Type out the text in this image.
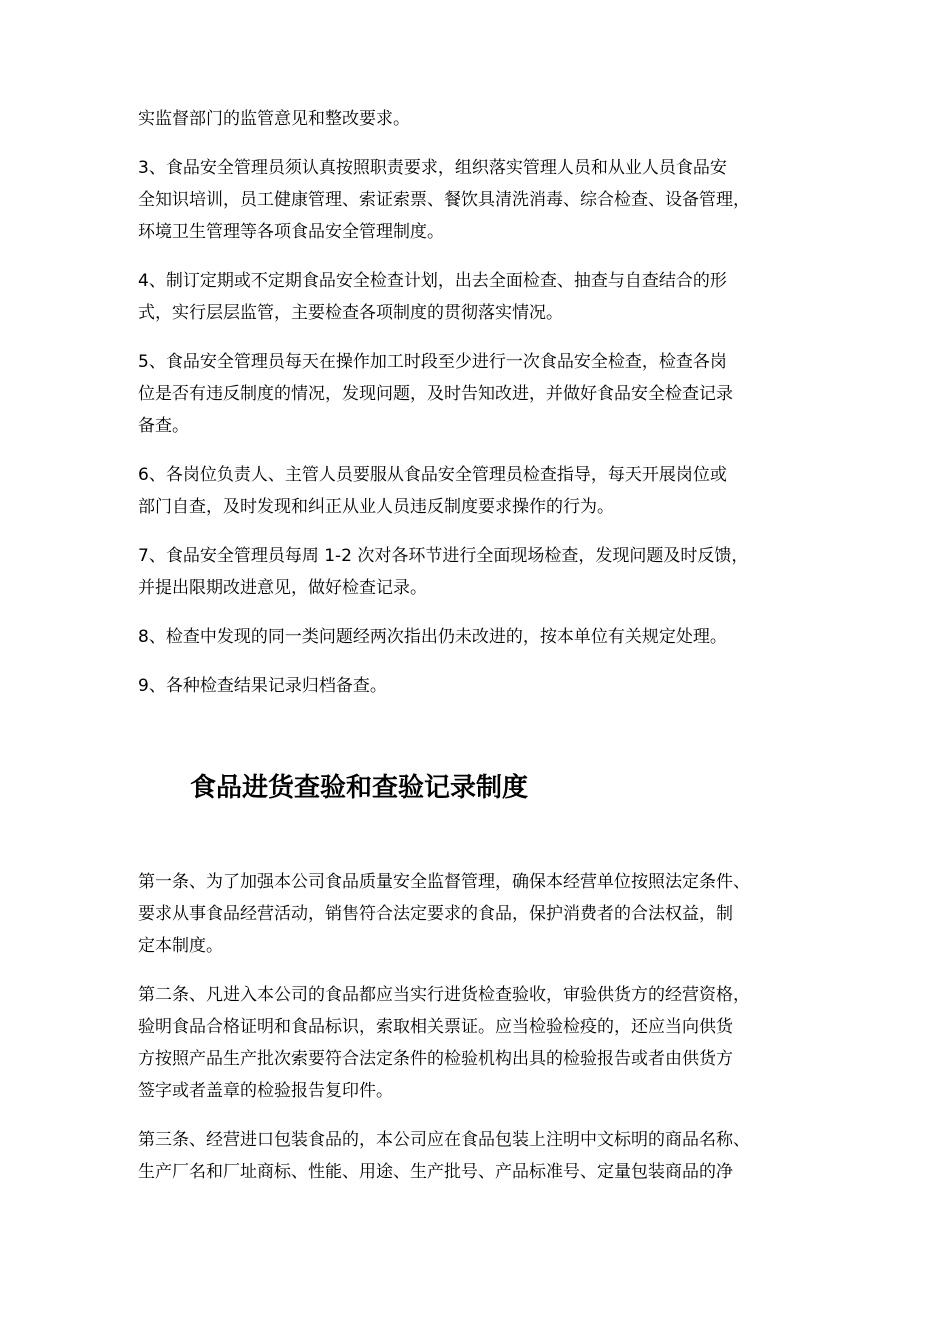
实监督部门的监管意见和整改要求。

3、食品安全管理员须认真按照职责要求，组织落实管理人员和从业人员食品安
全知识培训，员工健康管理、索证索票、餐饮具清洗消毒、综合检查、设备管理，
环境卫生管理等各项食品安全管理制度。

4、制订定期或不定期食品安全检查计划，出去全面检查、抽查与自查结合的形
式，实行层层监管，主要检查各项制度的贯彻落实情况。

5、食品安全管理员每天在操作加工时段至少进行一次食品安全检查，检查各岗
位是否有违反制度的情况，发现问题，及时告知改进，并做好食品安全检查记录
备查。

6、各岗位负责人、主管人员要服从食品安全管理员检查指导，每天开展岗位或
部门自查，及时发现和纠正从业人员违反制度要求操作的行为。

7、食品安全管理员每周 1-2 次对各环节进行全面现场检查，发现问题及时反馈，
并提出限期改进意见，做好检查记录。

8、检查中发现的同一类问题经两次指出仍未改进的，按本单位有关规定处理。

9、各种检查结果记录归档备查。

食品进货查验和查验记录制度

第一条、为了加强本公司食品质量安全监督管理，确保本经营单位按照法定条件、
要求从事食品经营活动，销售符合法定要求的食品，保护消费者的合法权益，制
定本制度。

第二条、凡进入本公司的食品都应当实行进货检查验收，审验供货方的经营资格，
验明食品合格证明和食品标识，索取相关票证。应当检验检疫的，还应当向供货
方按照产品生产批次索要符合法定条件的检验机构出具的检验报告或者由供货方
签字或者盖章的检验报告复印件。

第三条、经营进口包装食品的，本公司应在食品包装上注明中文标明的商品名称、
生产厂名和厂址商标、性能、用途、生产批号、产品标准号、定量包装商品的净
